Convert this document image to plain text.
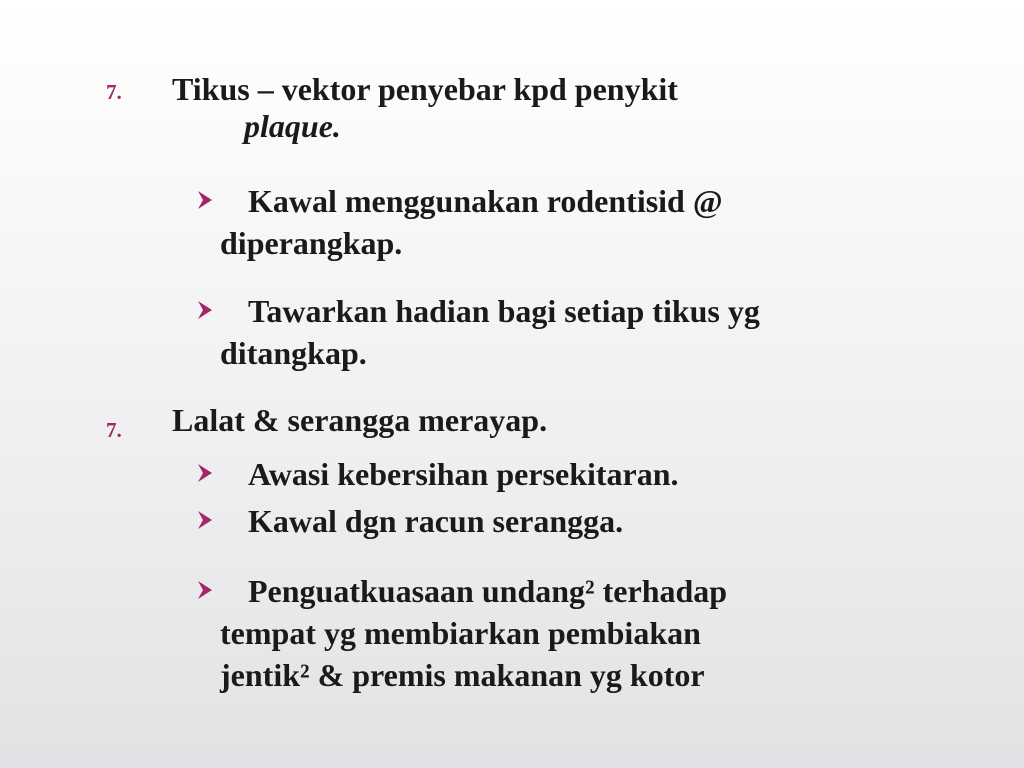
7. Tikus – vektor penyebar kpd penykit
plaque.
Kawal menggunakan rodentisid @
diperangkap.
Tawarkan hadian bagi setiap tikus yg
ditangkap.
7. Lalat & serangga merayap.
Awasi kebersihan persekitaran.
Kawal dgn racun serangga.
Penguatkuasaan undang² terhadap
tempat yg membiarkan pembiakan
jentik² & premis makanan yg kotor
